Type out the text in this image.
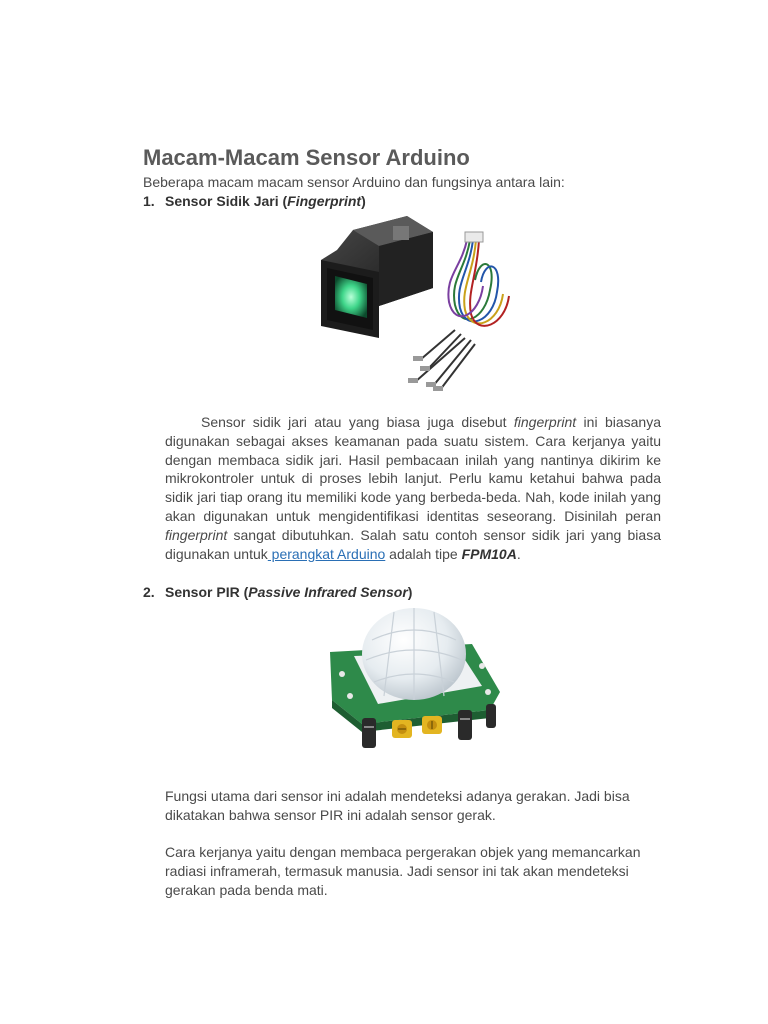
Macam-Macam Sensor Arduino

Beberapa macam macam sensor Arduino dan fungsinya antara lain:

1. Sensor Sidik Jari (Fingerprint)

Sensor sidik jari atau yang biasa juga disebut fingerprint ini biasanya digunakan sebagai akses keamanan pada suatu sistem. Cara kerjanya yaitu dengan membaca sidik jari. Hasil pembacaan inilah yang nantinya dikirim ke mikrokontroler untuk di proses lebih lanjut. Perlu kamu ketahui bahwa pada sidik jari tiap orang itu memiliki kode yang berbeda-beda. Nah, kode inilah yang akan digunakan untuk mengidentifikasi identitas seseorang. Disinilah peran fingerprint sangat dibutuhkan. Salah satu contoh sensor sidik jari yang biasa digunakan untuk perangkat Arduino adalah tipe FPM10A.

2. Sensor PIR (Passive Infrared Sensor)

Fungsi utama dari sensor ini adalah mendeteksi adanya gerakan. Jadi bisa dikatakan bahwa sensor PIR ini adalah sensor gerak.

Cara kerjanya yaitu dengan membaca pergerakan objek yang memancarkan radiasi inframerah, termasuk manusia. Jadi sensor ini tak akan mendeteksi gerakan pada benda mati.
